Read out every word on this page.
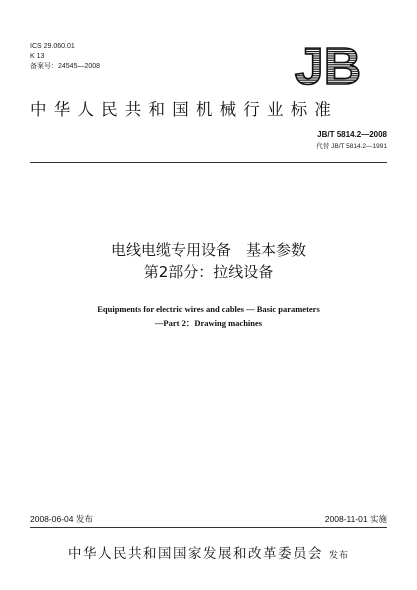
ICS 29.060.01
K 13
备案号：24545—2008	JB
中华人民共和国机械行业标准
JB/T 5814.2—2008
代替 JB/T 5814.2—1991
电线电缆专用设备　基本参数
第2部分：拉线设备
Equipments for electric wires and cables — Basic parameters
—Part 2：Drawing machines
2008-06-04 发布	2008-11-01 实施
中华人民共和国国家发展和改革委员会 发布
